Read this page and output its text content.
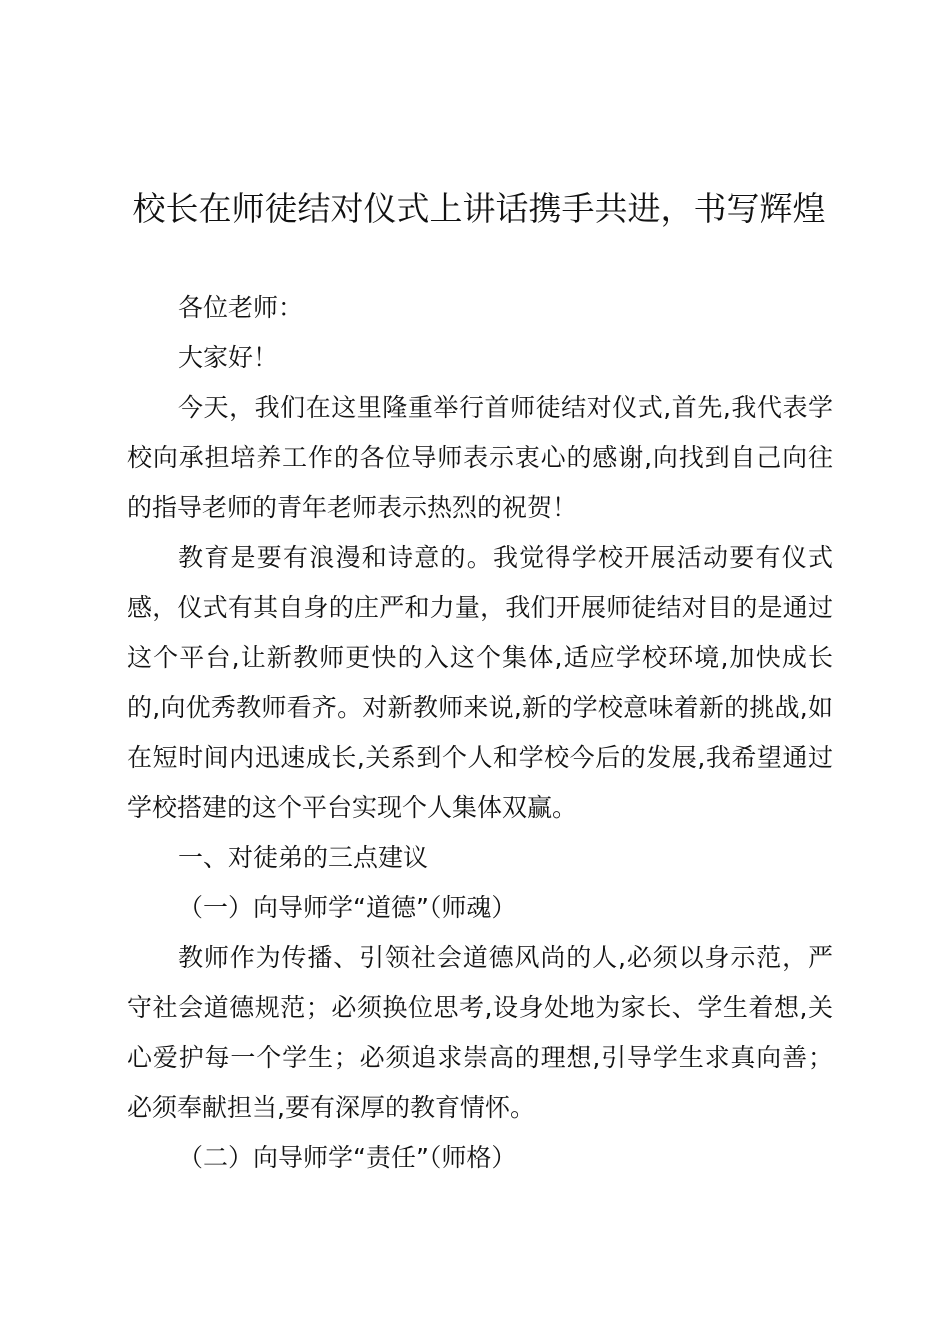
校长在师徒结对仪式上讲话携手共进，书写辉煌

各位老师：

大家好！

今天，我们在这里隆重举行首师徒结对仪式,首先,我代表学校向承担培养工作的各位导师表示衷心的感谢,向找到自己向往的指导老师的青年老师表示热烈的祝贺！

教育是要有浪漫和诗意的。我觉得学校开展活动要有仪式感，仪式有其自身的庄严和力量，我们开展师徒结对目的是通过这个平台,让新教师更快的入这个集体,适应学校环境,加快成长的,向优秀教师看齐。对新教师来说,新的学校意味着新的挑战,如在短时间内迅速成长,关系到个人和学校今后的发展,我希望通过学校搭建的这个平台实现个人集体双赢。

一、对徒弟的三点建议

（一）向导师学“道德”（师魂）

教师作为传播、引领社会道德风尚的人,必须以身示范，严守社会道德规范；必须换位思考,设身处地为家长、学生着想,关心爱护每一个学生；必须追求崇高的理想,引导学生求真向善；必须奉献担当,要有深厚的教育情怀。

（二）向导师学“责任”（师格）
